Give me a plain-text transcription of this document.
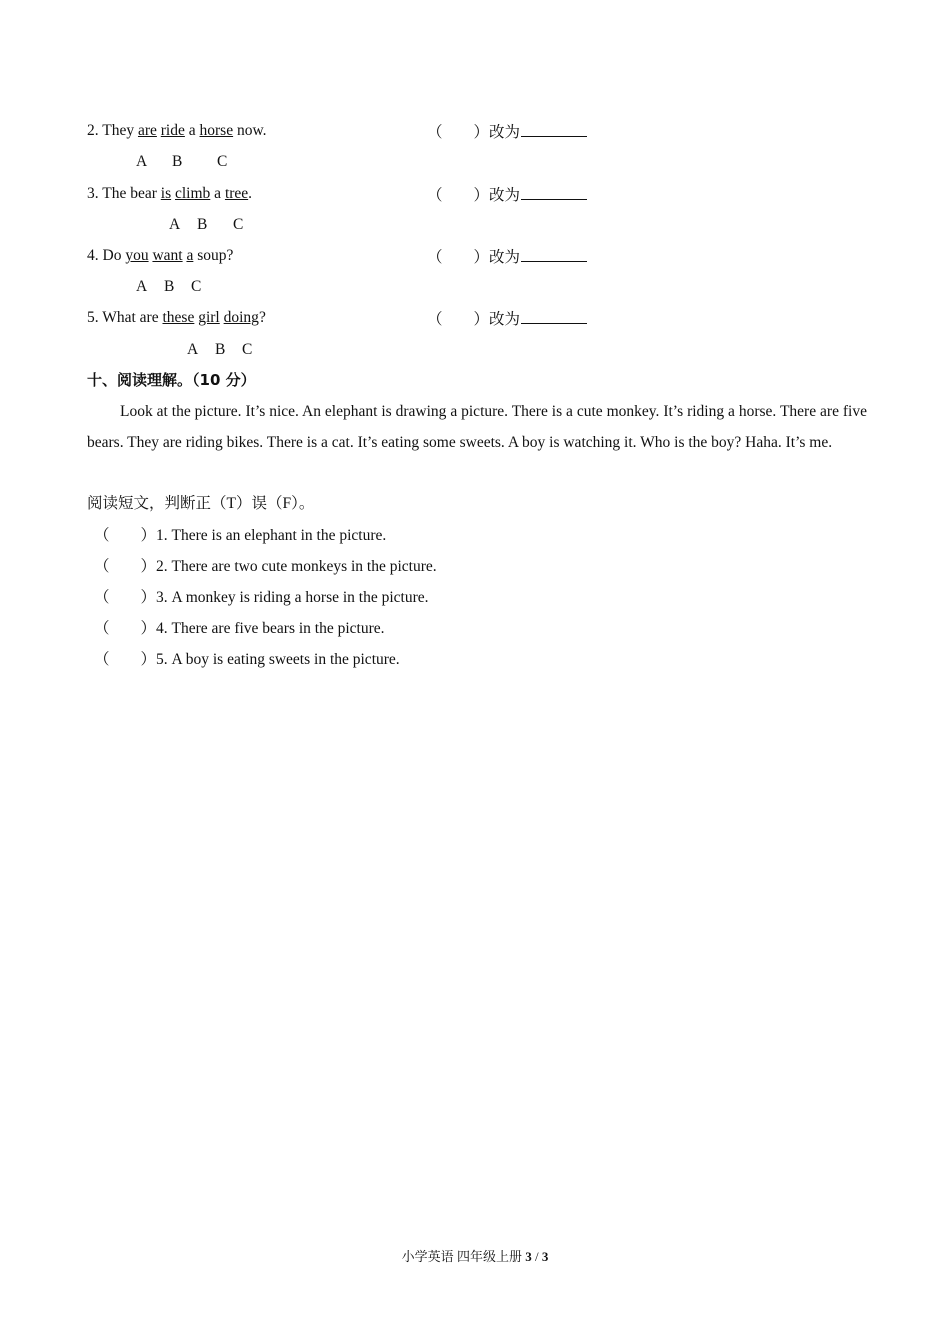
2. They are ride a horse now.	（　　）改为
A B C
3. The bear is climb a tree.	（　　）改为
A B C
4. Do you want a soup?	（　　）改为
A B C
5. What are these girl doing?	（　　）改为
A B C
十、阅读理解。（10 分）
Look at the picture. It’s nice. An elephant is drawing a picture. There is a cute monkey. It’s riding a horse. There are five bears. They are riding bikes. There is a cat. It’s eating some sweets. A boy is watching it. Who is the boy? Haha. It’s me.
阅读短文，判断正（T）误（F）。
（　　）1. There is an elephant in the picture.
（　　）2. There are two cute monkeys in the picture.
（　　）3. A monkey is riding a horse in the picture.
（　　）4. There are five bears in the picture.
（　　）5. A boy is eating sweets in the picture.
小学英语 四年级上册 3 / 3
